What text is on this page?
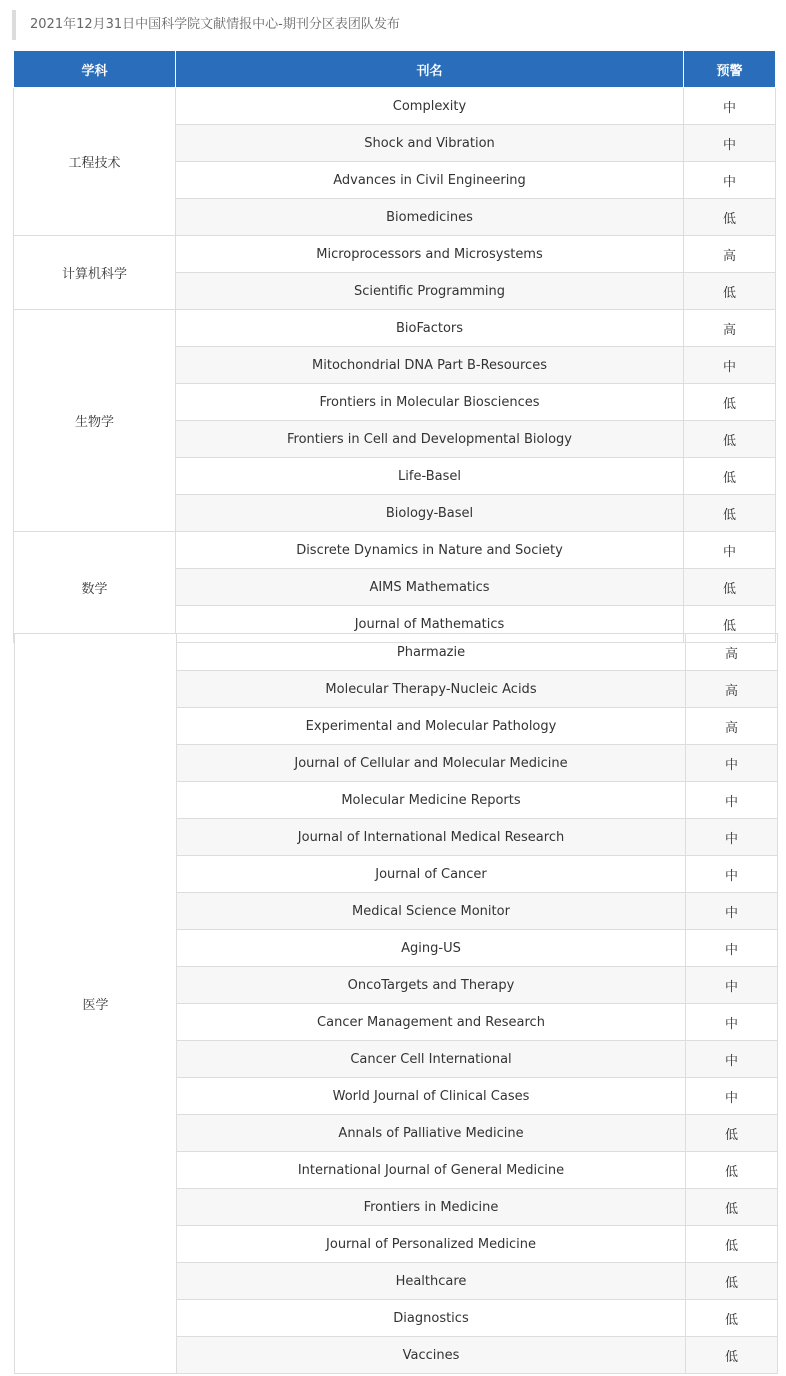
2021年12月31日中国科学院文献情报中心-期刊分区表团队发布
学科	刊名	预警
工程技术	Complexity	中
	Shock and Vibration	中
	Advances in Civil Engineering	中
	Biomedicines	低
计算机科学	Microprocessors and Microsystems	高
	Scientific Programming	低
生物学	BioFactors	高
	Mitochondrial DNA Part B-Resources	中
	Frontiers in Molecular Biosciences	低
	Frontiers in Cell and Developmental Biology	低
	Life-Basel	低
	Biology-Basel	低
数学	Discrete Dynamics in Nature and Society	中
	AIMS Mathematics	低
	Journal of Mathematics	低
医学	Pharmazie	高
	Molecular Therapy-Nucleic Acids	高
	Experimental and Molecular Pathology	高
	Journal of Cellular and Molecular Medicine	中
	Molecular Medicine Reports	中
	Journal of International Medical Research	中
	Journal of Cancer	中
	Medical Science Monitor	中
	Aging-US	中
	OncoTargets and Therapy	中
	Cancer Management and Research	中
	Cancer Cell International	中
	World Journal of Clinical Cases	中
	Annals of Palliative Medicine	低
	International Journal of General Medicine	低
	Frontiers in Medicine	低
	Journal of Personalized Medicine	低
	Healthcare	低
	Diagnostics	低
	Vaccines	低
